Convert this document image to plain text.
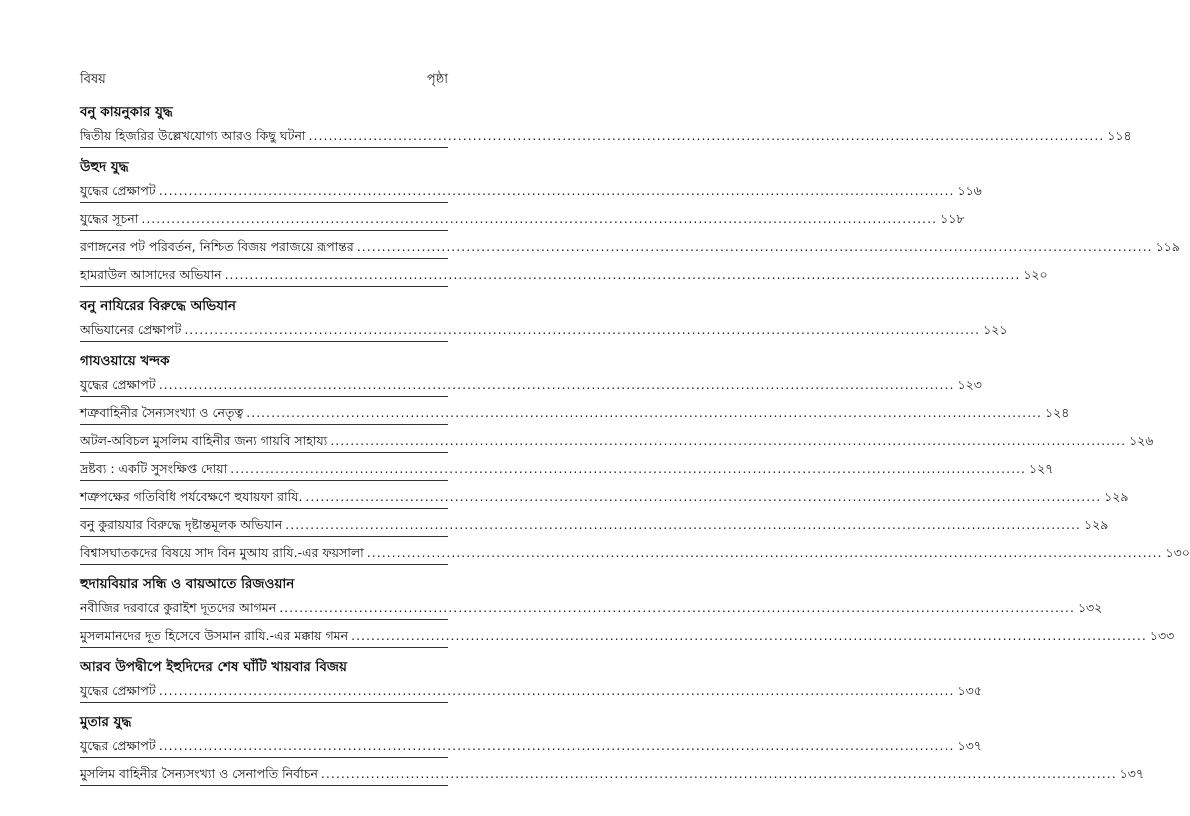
বিষয়	পৃষ্ঠা
বনু কায়নুকার যুদ্ধ
দ্বিতীয় হিজরির উল্লেখযোগ্য আরও কিছু ঘটনা .....	১১৪
উহুদ যুদ্ধ
যুদ্ধের প্রেক্ষাপট .....	১১৬
যুদ্ধের সূচনা .....	১১৮
রণাঙ্গনের পট পরিবর্তন, নিশ্চিত বিজয় পরাজয়ে রূপান্তর .....	১১৯
হামরাউল আসাদের অভিযান .....	১২০
বনু নাযিরের বিরুদ্ধে অভিযান
অভিযানের প্রেক্ষাপট .....	১২১
গাযওয়ায়ে খন্দক
যুদ্ধের প্রেক্ষাপট .....	১২৩
শত্রুবাহিনীর সৈন্যসংখ্যা ও নেতৃত্ব .....	১২৪
অটল-অবিচল মুসলিম বাহিনীর জন্য গায়বি সাহায্য .....	১২৬
দ্রষ্টব্য : একটি সুসংক্ষিপ্ত দোয়া .....	১২৭
শত্রুপক্ষের গতিবিধি পর্যবেক্ষণে হুযায়ফা রাযি. .....	১২৯
বনু কুরায়যার বিরুদ্ধে দৃষ্টান্তমূলক অভিযান .....	১২৯
বিশ্বাসঘাতকদের বিষয়ে সাদ বিন মুআয রাযি.-এর ফয়সালা .....	১৩০
হুদায়বিয়ার সন্ধি ও বায়আতে রিজওয়ান
নবীজির দরবারে কুরাইশ দূতদের আগমন .....	১৩২
মুসলমানদের দূত হিসেবে উসমান রাযি.-এর মক্কায় গমন .....	১৩৩
আরব উপদ্বীপে ইহুদিদের শেষ ঘাঁটি খায়বার বিজয়
যুদ্ধের প্রেক্ষাপট .....	১৩৫
মুতার যুদ্ধ
যুদ্ধের প্রেক্ষাপট .....	১৩৭
মুসলিম বাহিনীর সৈন্যসংখ্যা ও সেনাপতি নির্বাচন .....	১৩৭
